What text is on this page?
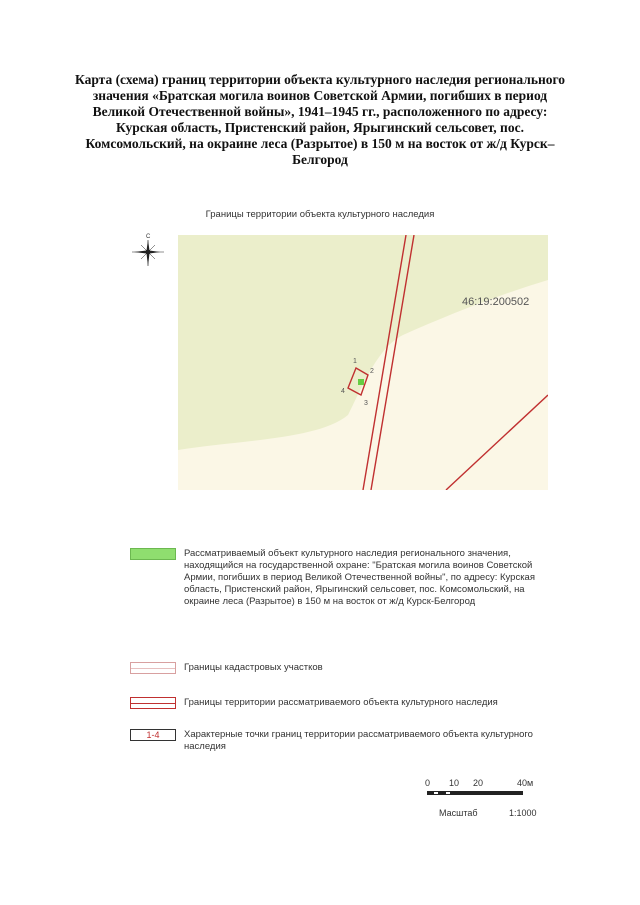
Карта (схема) границ территории объекта культурного наследия регионального значения «Братская могила воинов Советской Армии, погибших в период Великой Отечественной войны», 1941–1945 гг., расположенного по адресу: Курская область, Пристенский район, Ярыгинский сельсовет, пос. Комсомольский, на окраине леса (Разрытое) в 150 м на восток от ж/д Курск–Белгород
Границы территории объекта культурного наследия
С
46:19:200502
1
2
3
4
Рассматриваемый объект культурного наследия регионального значения, находящийся на государственной охране: "Братская могила воинов Советской Армии, погибших в период Великой Отечественной войны", по адресу: Курская область, Пристенский район, Ярыгинский сельсовет, пос. Комсомольский, на окраине леса (Разрытое) в 150 м на восток от ж/д Курск-Белгород
Границы кадастровых участков
Границы территории рассматриваемого объекта культурного наследия
1-4	Характерные точки границ территории рассматриваемого объекта культурного наследия
0 10 20	40м
Масштаб	1:1000
